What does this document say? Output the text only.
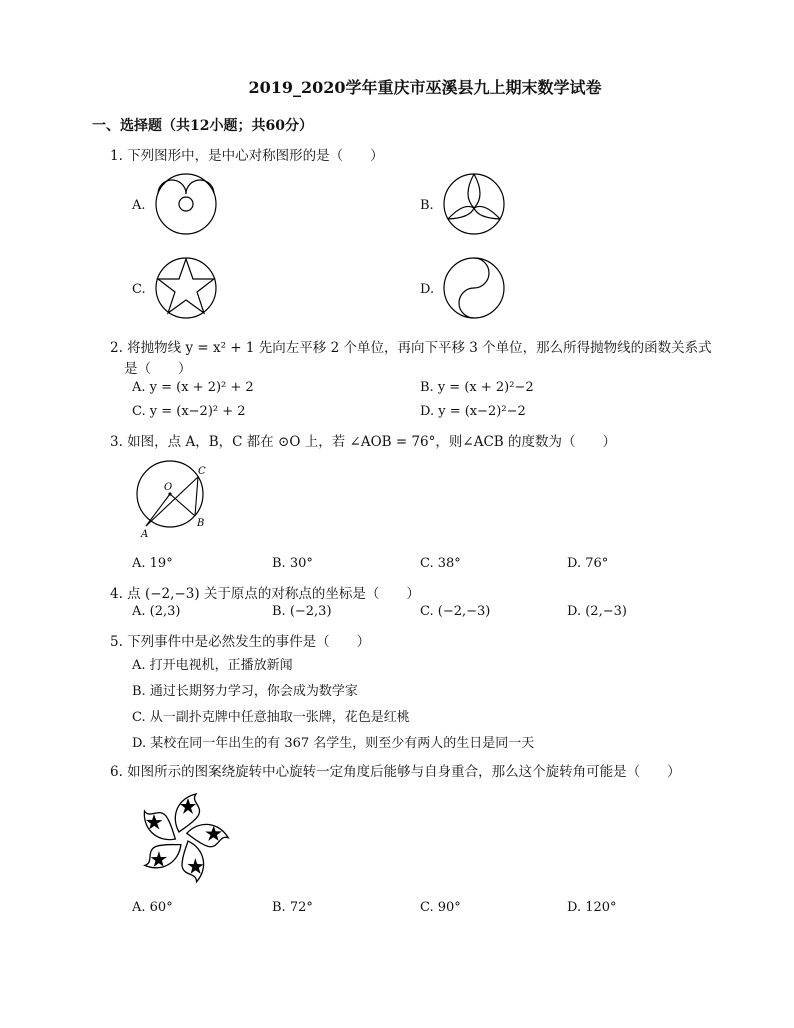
2019_2020学年重庆市巫溪县九上期末数学试卷
一、选择题（共12小题；共60分）
1. 下列图形中，是中心对称图形的是（　　）
A.	B.
C.	D.
2. 将抛物线 y = x² + 1 先向左平移 2 个单位，再向下平移 3 个单位，那么所得抛物线的函数关系式
是（　　）
A. y = (x + 2)² + 2	B. y = (x + 2)²−2
C. y = (x−2)² + 2	D. y = (x−2)²−2
3. 如图，点 A，B，C 都在 ⊙O 上，若 ∠AOB = 76°，则∠ACB 的度数为（　　）
O
A
B
C
A. 19°	B. 30°	C. 38°	D. 76°
4. 点 (−2,−3) 关于原点的对称点的坐标是（　　）
A. (2,3)	B. (−2,3)	C. (−2,−3)	D. (2,−3)
5. 下列事件中是必然发生的事件是（　　）
A. 打开电视机，正播放新闻
B. 通过长期努力学习，你会成为数学家
C. 从一副扑克牌中任意抽取一张牌，花色是红桃
D. 某校在同一年出生的有 367 名学生，则至少有两人的生日是同一天
6. 如图所示的图案绕旋转中心旋转一定角度后能够与自身重合，那么这个旋转角可能是（　　）
A. 60°	B. 72°	C. 90°	D. 120°
